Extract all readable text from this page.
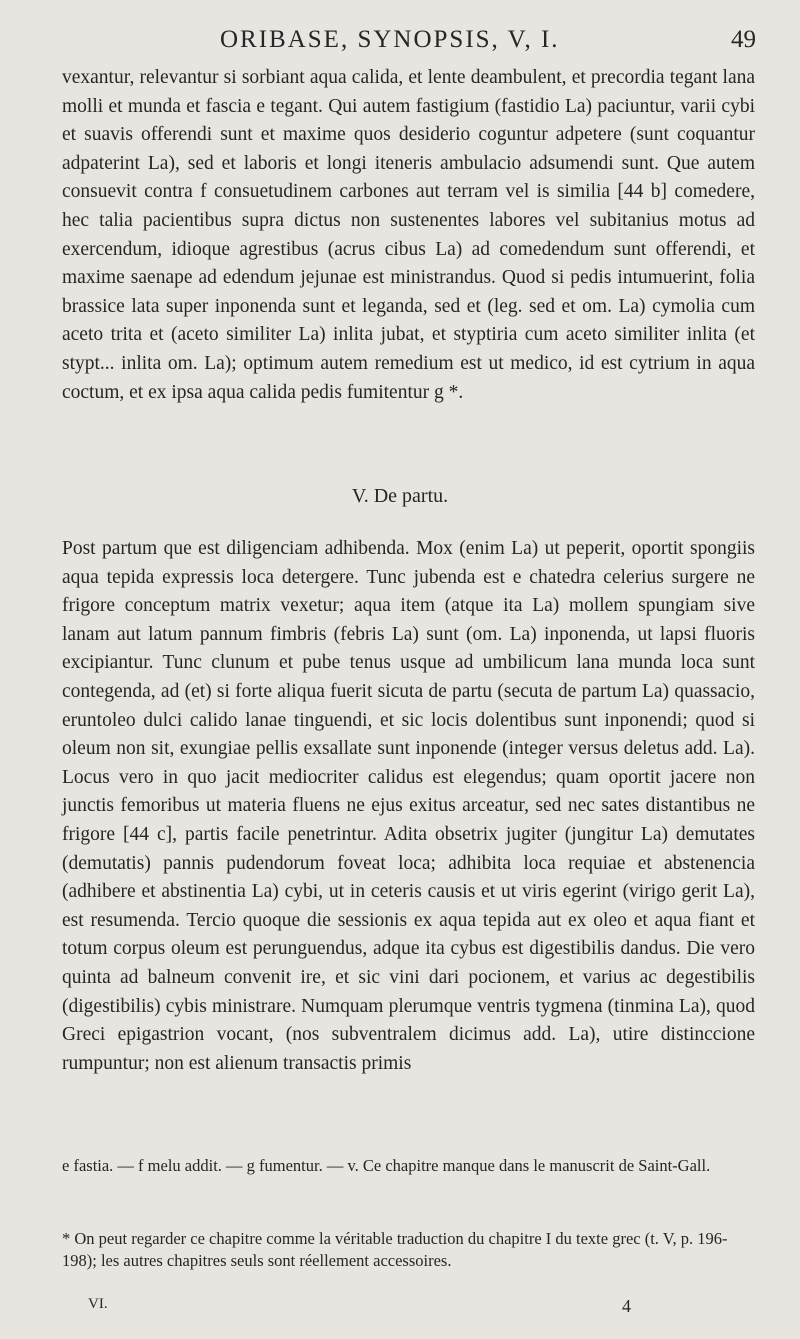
ORIBASE, SYNOPSIS, V, I.	49
vexantur, relevantur si sorbiant aqua calida, et lente deambulent, et precordia tegant lana molli et munda et fascia e tegant. Qui autem fastigium (fastidio La) paciuntur, varii cybi et suavis offerendi sunt et maxime quos desiderio coguntur adpetere (sunt coquantur adpaterint La), sed et laboris et longi iteneris ambulacio adsumendi sunt. Que autem consuevit contra f consuetudinem carbones aut terram vel is similia [44 b] comedere, hec talia pacientibus supra dictus non sustenentes labores vel subitanius motus ad exercendum, idioque agrestibus (acrus cibus La) ad comedendum sunt offerendi, et maxime saenape ad edendum jejunae est ministrandus. Quod si pedis intumuerint, folia brassice lata super inponenda sunt et leganda, sed et (leg. sed et om. La) cymolia cum aceto trita et (aceto similiter La) inlita jubat, et styptiria cum aceto similiter inlita (et stypt... inlita om. La); optimum autem remedium est ut medico, id est cytrium in aqua coctum, et ex ipsa aqua calida pedis fumitentur g *.
V. De partu.
Post partum que est diligenciam adhibenda. Mox (enim La) ut peperit, oportit spongiis aqua tepida expressis loca detergere. Tunc jubenda est e chatedra celerius surgere ne frigore conceptum matrix vexetur; aqua item (atque ita La) mollem spungiam sive lanam aut latum pannum fimbris (febris La) sunt (om. La) inponenda, ut lapsi fluoris excipiantur. Tunc clunum et pube tenus usque ad umbilicum lana munda loca sunt contegenda, ad (et) si forte aliqua fuerit sicuta de partu (secuta de partum La) quassacio, eruntoleo dulci calido lanae tinguendi, et sic locis dolentibus sunt inponendi; quod si oleum non sit, exungiae pellis exsallate sunt inponende (integer versus deletus add. La). Locus vero in quo jacit mediocriter calidus est elegendus; quam oportit jacere non junctis femoribus ut materia fluens ne ejus exitus arceatur, sed nec sates distantibus ne frigore [44 c], partis facile penetrintur. Adita obsetrix jugiter (jungitur La) demutates (demutatis) pannis pudendorum foveat loca; adhibita loca requiae et abstenencia (adhibere et abstinentia La) cybi, ut in ceteris causis et ut viris egerint (virigo gerit La), est resumenda. Tercio quoque die sessionis ex aqua tepida aut ex oleo et aqua fiant et totum corpus oleum est perunguendus, adque ita cybus est digestibilis dandus. Die vero quinta ad balneum convenit ire, et sic vini dari pocionem, et varius ac degestibilis (digestibilis) cybis ministrare. Numquam plerumque ventris tygmena (tinmina La), quod Greci epigastrion vocant, (nos subventralem dicimus add. La), utire distinccione rumpuntur; non est alienum transactis primis
e fastia. — f melu addit. — g fumentur. — v. Ce chapitre manque dans le manuscrit de Saint-Gall.
* On peut regarder ce chapitre comme la véritable traduction du chapitre I du texte grec (t. V, p. 196-198); les autres chapitres seuls sont réellement accessoires.
VI.	4
